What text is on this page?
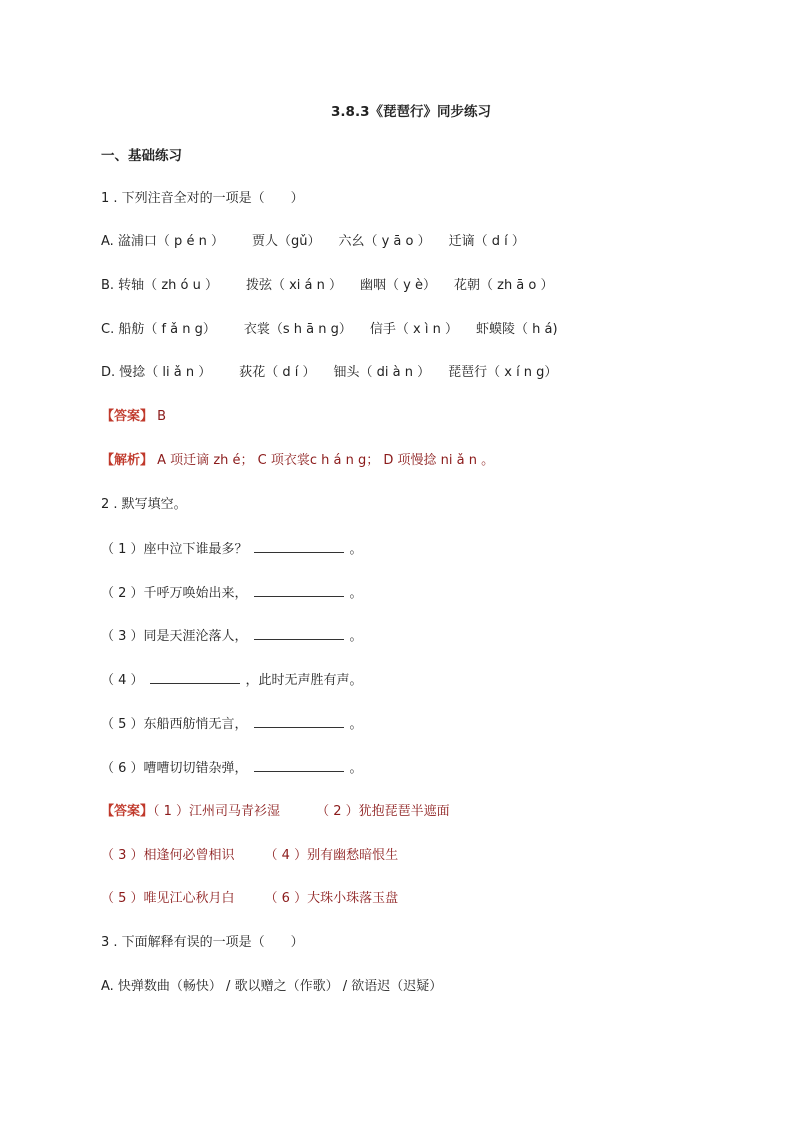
3.8.3《琵琶行》同步练习
一、基础练习
1 . 下列注音全对的一项是（　　）
A. 湓浦口（ p é n ） 贾人（gǔ） 六幺（ y ā o ） 迁谪（ d í ）
B. 转轴（ zh ó u ） 拨弦（ xi á n ） 幽咽（ y è） 花朝（ zh ā o ）
C. 船舫（ f ǎ n g） 衣裳（s h ā n g） 信手（ x ì n ） 虾蟆陵（ h á)
D. 慢捻（ li ǎ n ） 荻花（ d í ） 钿头（ di à n ） 琵琶行（ x í n g）
【答案】 B
【解析】 A 项迁谪 zh é； C 项衣裳c h á n g； D 项慢捻 ni ǎ n 。
2 . 默写填空。
（ 1 ）座中泣下谁最多？	。
（ 2 ）千呼万唤始出来，	。
（ 3 ）同是天涯沦落人，	。
（ 4 ）	，此时无声胜有声。
（ 5 ）东船西舫悄无言，	。
（ 6 ）嘈嘈切切错杂弹，	。
【答案】（ 1 ）江州司马青衫湿	（ 2 ）犹抱琵琶半遮面
（ 3 ）相逢何必曾相识 （ 4 ）别有幽愁暗恨生
（ 5 ）唯见江心秋月白 （ 6 ）大珠小珠落玉盘
3 . 下面解释有误的一项是（　　）
A. 快弹数曲（畅快） / 歌以赠之（作歌） / 欲语迟（迟疑）
